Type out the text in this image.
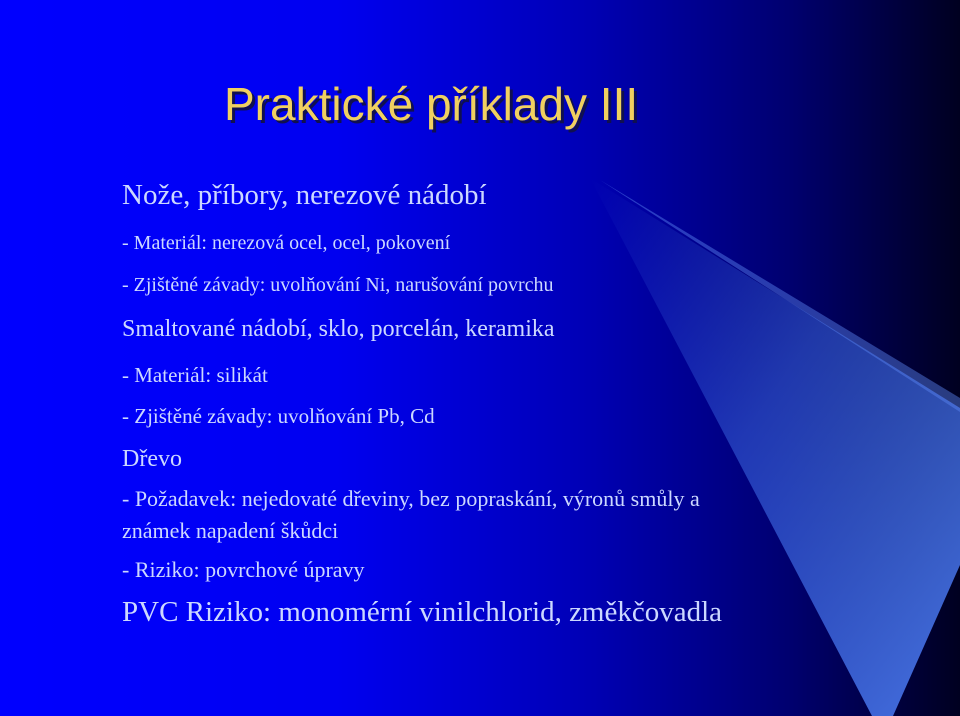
Praktické příklady III

Nože, příbory, nerezové nádobí

- Materiál: nerezová ocel, ocel, pokovení

- Zjištěné závady: uvolňování Ni, narušování povrchu

Smaltované nádobí, sklo, porcelán, keramika

- Materiál: silikát

- Zjištěné závady: uvolňování Pb, Cd

Dřevo

- Požadavek: nejedovaté dřeviny, bez popraskání, výronů smůly a

známek napadení škůdci

- Riziko: povrchové úpravy

PVC Riziko: monomérní vinilchlorid, změkčovadla
